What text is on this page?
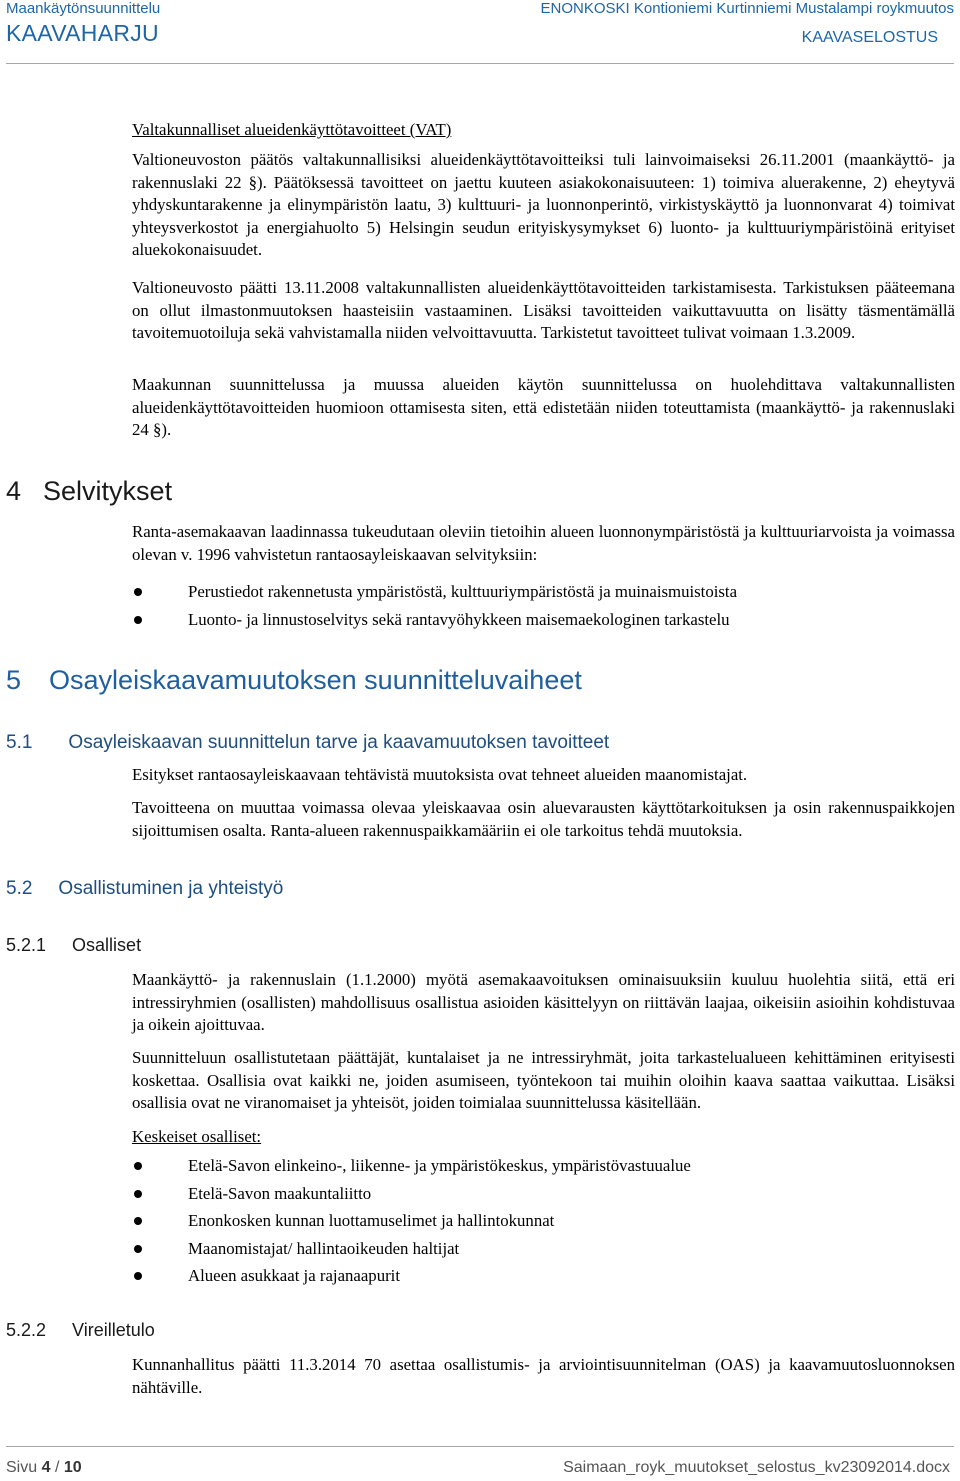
Maankäytönsuunnittelu
KAAVAHARJU
ENONKOSKI Kontioniemi Kurtinniemi Mustalampi roykmuutos
KAAVASELOSTUS
Valtakunnalliset alueidenkäyttötavoitteet (VAT)

Valtioneuvoston päätös valtakunnallisiksi alueidenkäyttötavoitteiksi tuli lainvoimaiseksi 26.11.2001 (maankäyttö- ja rakennuslaki 22 §). Päätöksessä tavoitteet on jaettu kuuteen asiakokonaisuuteen: 1) toimiva aluerakenne, 2) eheytyvä yhdyskuntarakenne ja elinympäristön laatu, 3) kulttuuri- ja luonnonperintö, virkistyskäyttö ja luonnonvarat 4) toimivat yhteysverkostot ja energiahuolto 5) Helsingin seudun erityiskysymykset 6) luonto- ja kulttuuriympäristöinä erityiset aluekokonaisuudet.

Valtioneuvosto päätti 13.11.2008 valtakunnallisten alueidenkäyttötavoitteiden tarkistamisesta. Tarkistuksen pääteemana on ollut ilmastonmuutoksen haasteisiin vastaaminen. Lisäksi tavoitteiden vaikuttavuutta on lisätty täsmentämällä tavoitemuotoiluja sekä vahvistamalla niiden velvoittavuutta. Tarkistetut tavoitteet tulivat voimaan 1.3.2009.

Maakunnan suunnittelussa ja muussa alueiden käytön suunnittelussa on huolehdittava valtakunnallisten alueidenkäyttötavoitteiden huomioon ottamisesta siten, että edistetään niiden toteuttamista (maankäyttö- ja rakennuslaki 24 §).

4 Selvitykset

Ranta-asemakaavan laadinnassa tukeudutaan oleviin tietoihin alueen luonnonympäristöstä ja kulttuuriarvoista ja voimassa olevan v. 1996 vahvistetun rantaosayleiskaavan selvityksiin:

Perustiedot rakennetusta ympäristöstä, kulttuuriympäristöstä ja muinaismuistoista
Luonto- ja linnustoselvitys sekä rantavyöhykkeen maisemaekologinen tarkastelu
5 Osayleiskaavamuutoksen suunnitteluvaiheet
5.1 Osayleiskaavan suunnittelun tarve ja kaavamuutoksen tavoitteet

Esitykset rantaosayleiskaavaan tehtävistä muutoksista ovat tehneet alueiden maanomistajat.

Tavoitteena on muuttaa voimassa olevaa yleiskaavaa osin aluevarausten käyttötarkoituksen ja osin rakennuspaikkojen sijoittumisen osalta. Ranta-alueen rakennuspaikkamääriin ei ole tarkoitus tehdä muutoksia.

5.2 Osallistuminen ja yhteistyö
5.2.1 Osalliset

Maankäyttö- ja rakennuslain (1.1.2000) myötä asemakaavoituksen ominaisuuksiin kuuluu huolehtia siitä, että eri intressiryhmien (osallisten) mahdollisuus osallistua asioiden käsittelyyn on riittävän laajaa, oikeisiin asioihin kohdistuvaa ja oikein ajoittuvaa.

Suunnitteluun osallistutetaan päättäjät, kuntalaiset ja ne intressiryhmät, joita tarkastelualueen kehittäminen erityisesti koskettaa. Osallisia ovat kaikki ne, joiden asumiseen, työntekoon tai muihin oloihin kaava saattaa vaikuttaa. Lisäksi osallisia ovat ne viranomaiset ja yhteisöt, joiden toimialaa suunnittelussa käsitellään.

Keskeiset osalliset:
Etelä-Savon elinkeino-, liikenne- ja ympäristökeskus, ympäristövastuualue
Etelä-Savon maakuntaliitto
Enonkosken kunnan luottamuselimet ja hallintokunnat
Maanomistajat/ hallintaoikeuden haltijat
Alueen asukkaat ja rajanaapurit
5.2.2 Vireilletulo

Kunnanhallitus päätti 11.3.2014 70 asettaa osallistumis- ja arviointisuunnitelman (OAS) ja kaavamuutosluonnoksen nähtäville.

Sivu 4 / 10	Saimaan_royk_muutokset_selostus_kv23092014.docx
